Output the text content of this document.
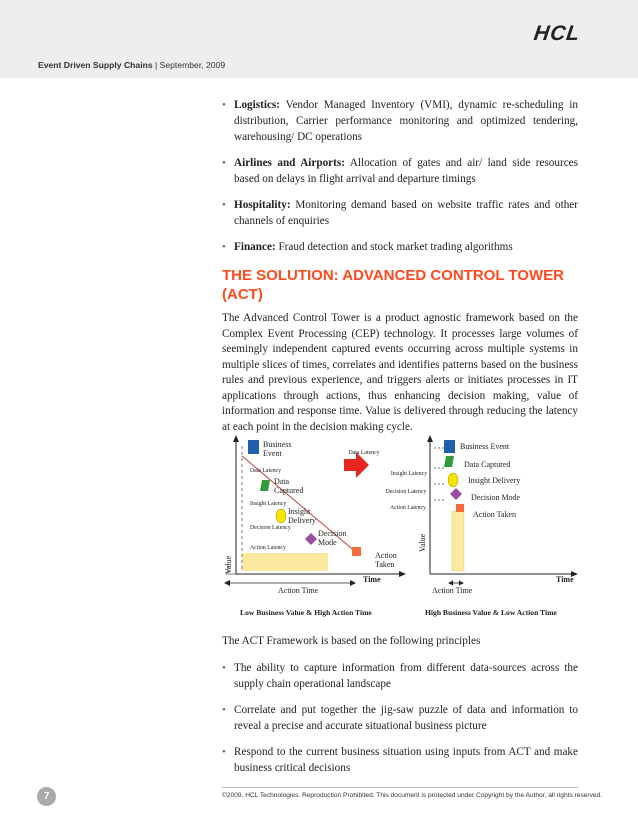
HCL
Event Driven Supply Chains | September, 2009
• Logistics: Vendor Managed Inventory (VMI), dynamic re-scheduling in distribution, Carrier performance monitoring and optimized tendering, warehousing/ DC operations
• Airlines and Airports: Allocation of gates and air/ land side resources based on delays in flight arrival and departure timings
• Hospitality: Monitoring demand based on website traffic rates and other channels of enquiries
• Finance: Fraud detection and stock market trading algorithms
THE SOLUTION: ADVANCED CONTROL TOWER (ACT)

The Advanced Control Tower is a product agnostic framework based on the Complex Event Processing (CEP) technology. It processes large volumes of seemingly independent captured events occurring across multiple systems in multiple slices of times, correlates and identifies patterns based on the business rules and previous experience, and triggers alerts or initiates processes in IT applications through actions, thus enhancing decision making, value of information and response time. Value is delivered through reducing the latency at each point in the decision making cycle.

Business
Event
Data
Captured
Insight
Delivery
Decision
Mode
Action
Taken
Data Latency
Insight Latency
Decision Latency
Action Latency
Value
Time
Action Time
Low Business Value & High Action Time
Data Latency
Insight Latency
Decision Latency
Action Latency
Business Event
Data Captured
Insight Delivery
Decision Mode
Action Taken
Value
Time
Action Time
High Business Value & Low Action Time

The ACT Framework is based on the following principles

• The ability to capture information from different data-sources across the supply chain operational landscape
• Correlate and put together the jig-saw puzzle of data and information to reveal a precise and accurate situational business picture
• Respond to the current business situation using inputs from ACT and make business critical decisions
7	©2009, HCL Technologies. Reproduction Prohibited. This document is protected under Copyright by the Author, all rights reserved.
